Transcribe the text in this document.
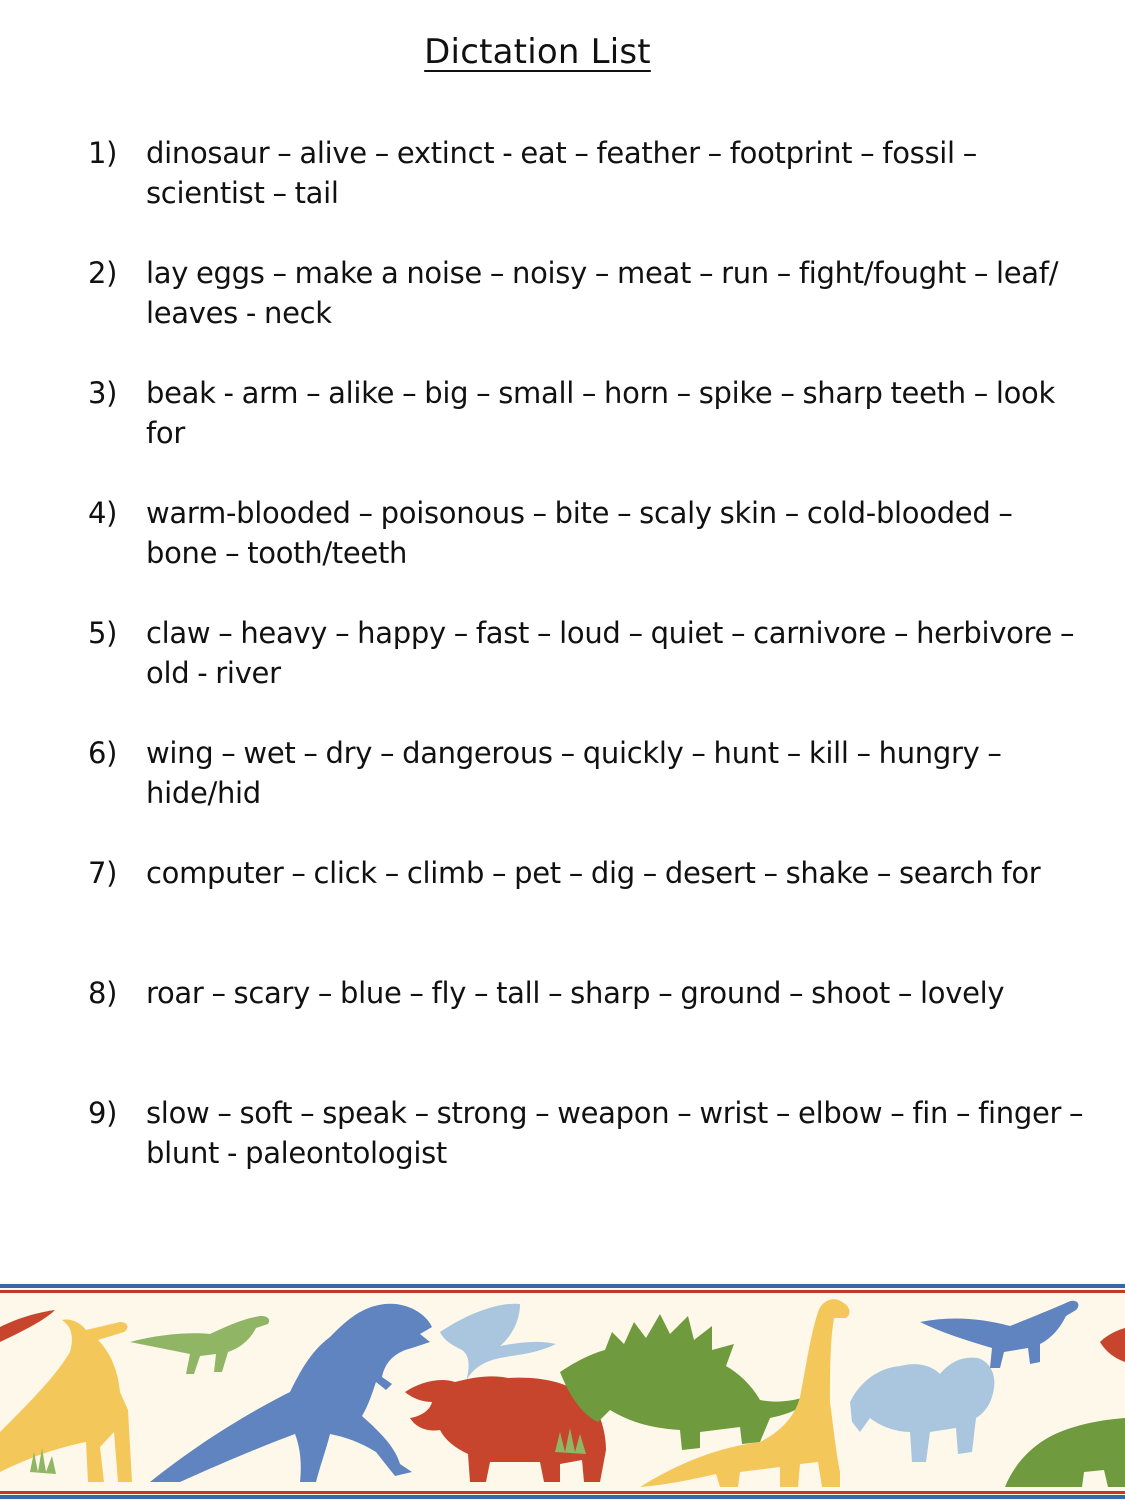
Dictation List
1) dinosaur – alive – extinct - eat – feather – footprint – fossil – scientist – tail
2) lay eggs – make a noise – noisy – meat – run – fight/fought – leaf/ leaves - neck
3) beak - arm – alike – big – small – horn – spike – sharp teeth – look for
4) warm-blooded – poisonous – bite – scaly skin – cold-blooded – bone – tooth/teeth
5) claw – heavy – happy – fast – loud – quiet – carnivore – herbivore – old - river
6) wing – wet – dry – dangerous – quickly – hunt – kill – hungry – hide/hid
7) computer – click – climb – pet – dig – desert – shake – search for
8) roar – scary – blue – fly – tall – sharp – ground – shoot – lovely
9) slow – soft – speak – strong – weapon – wrist – elbow – fin – finger – blunt - paleontologist
